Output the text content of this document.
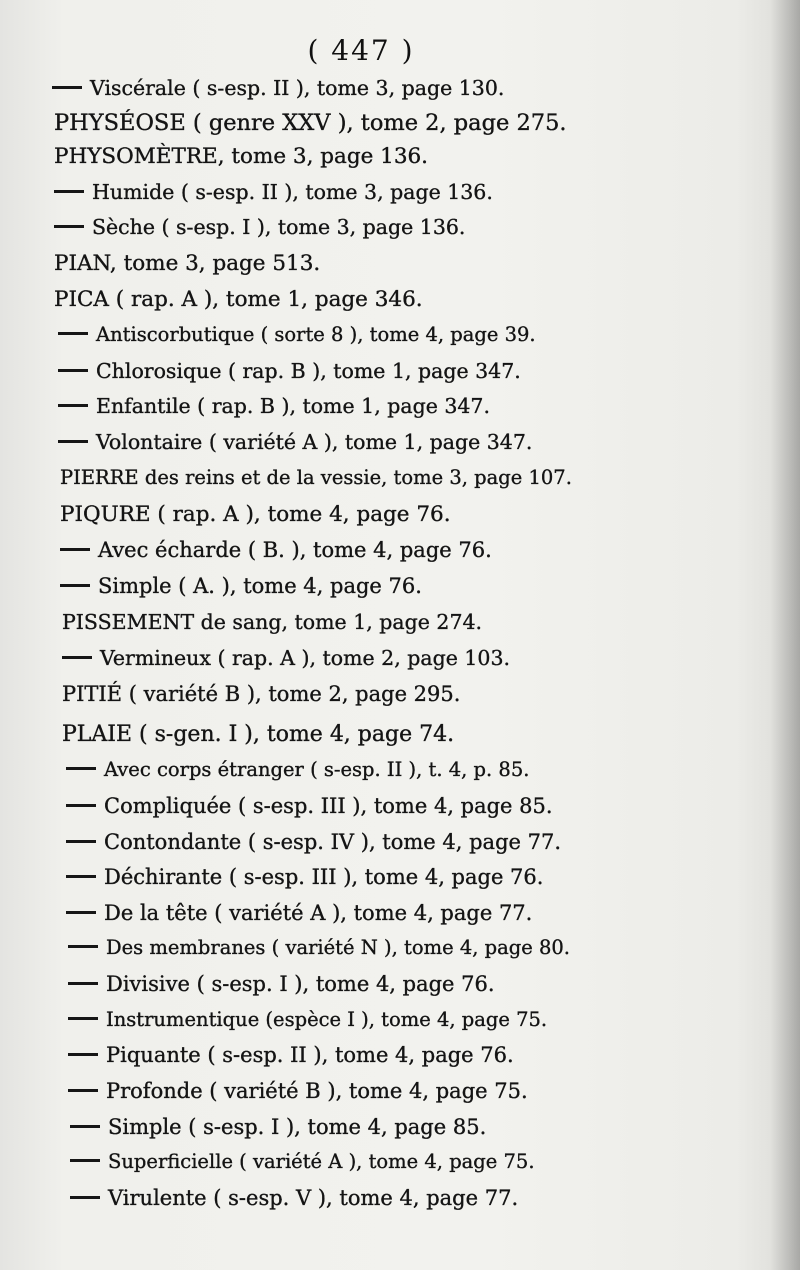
( 447 )
Viscérale ( s-esp. II ), tome 3, page 130.
PHYSÉOSE ( genre XXV ), tome 2, page 275.
PHYSOMÈTRE, tome 3, page 136.
Humide ( s-esp. II ), tome 3, page 136.
Sèche ( s-esp. I ), tome 3, page 136.
PIAN, tome 3, page 513.
PICA ( rap. A ), tome 1, page 346.
Antiscorbutique ( sorte 8 ), tome 4, page 39.
Chlorosique ( rap. B ), tome 1, page 347.
Enfantile ( rap. B ), tome 1, page 347.
Volontaire ( variété A ), tome 1, page 347.
PIERRE des reins et de la vessie, tome 3, page 107.
PIQURE ( rap. A ), tome 4, page 76.
Avec écharde ( B. ), tome 4, page 76.
Simple ( A. ), tome 4, page 76.
PISSEMENT de sang, tome 1, page 274.
Vermineux ( rap. A ), tome 2, page 103.
PITIÉ ( variété B ), tome 2, page 295.
PLAIE ( s-gen. I ), tome 4, page 74.
Avec corps étranger ( s-esp. II ), t. 4, p. 85.
Compliquée ( s-esp. III ), tome 4, page 85.
Contondante ( s-esp. IV ), tome 4, page 77.
Déchirante ( s-esp. III ), tome 4, page 76.
De la tête ( variété A ), tome 4, page 77.
Des membranes ( variété N ), tome 4, page 80.
Divisive ( s-esp. I ), tome 4, page 76.
Instrumentique (espèce I ), tome 4, page 75.
Piquante ( s-esp. II ), tome 4, page 76.
Profonde ( variété B ), tome 4, page 75.
Simple ( s-esp. I ), tome 4, page 85.
Superficielle ( variété A ), tome 4, page 75.
Virulente ( s-esp. V ), tome 4, page 77.
